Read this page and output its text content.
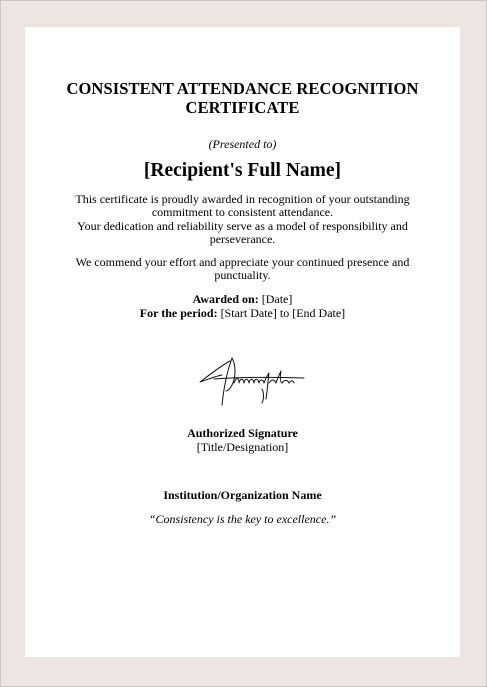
CONSISTENT ATTENDANCE RECOGNITION
CERTIFICATE
(Presented to)
[Recipient's Full Name]

This certificate is proudly awarded in recognition of your outstanding commitment to consistent attendance.

Your dedication and reliability serve as a model of responsibility and perseverance.

We commend your effort and appreciate your continued presence and punctuality.
Awarded on: [Date]
For the period: [Start Date] to [End Date]
Authorized Signature
[Title/Designation]
Institution/Organization Name
“Consistency is the key to excellence.”
